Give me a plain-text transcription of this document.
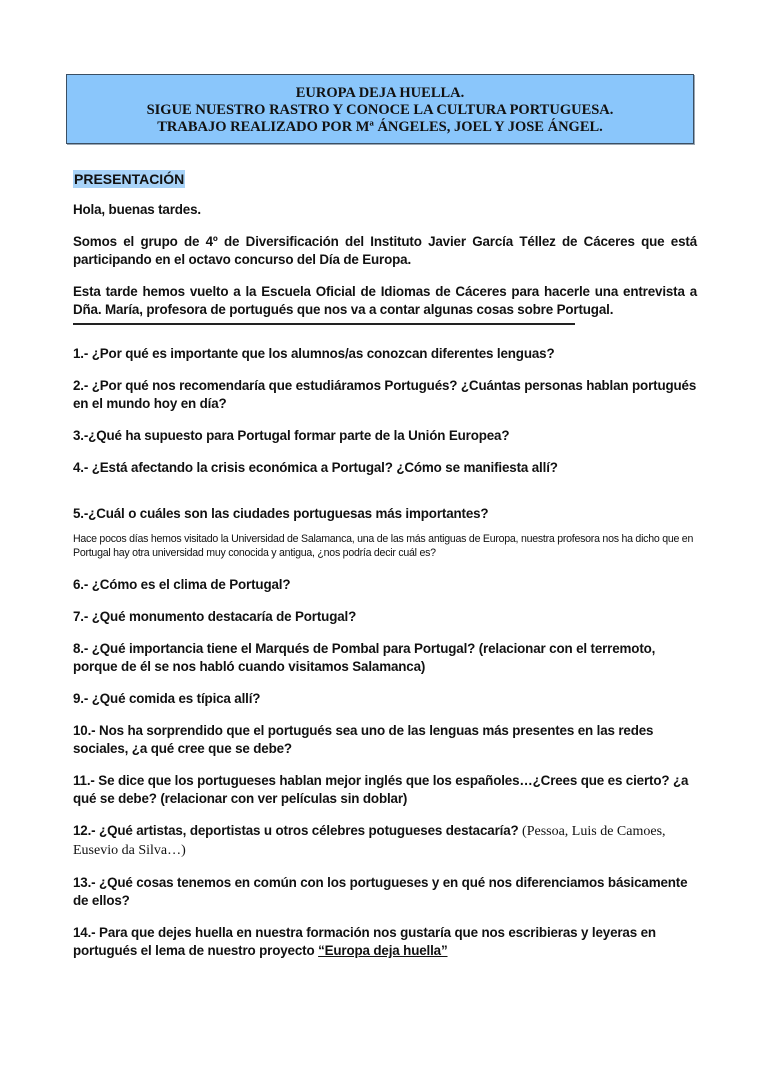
EUROPA DEJA HUELLA.
SIGUE NUESTRO RASTRO Y CONOCE LA CULTURA PORTUGUESA.
TRABAJO REALIZADO POR Mª ÁNGELES, JOEL Y JOSE ÁNGEL.

PRESENTACIÓN

Hola, buenas tardes.

Somos el grupo de 4º de Diversificación del Instituto Javier García Téllez de Cáceres que está participando en el octavo concurso del Día de Europa.

Esta tarde hemos vuelto a la Escuela Oficial de Idiomas de Cáceres para hacerle una entrevista a Dña. María, profesora de portugués que nos va a contar algunas cosas sobre Portugal.

1.- ¿Por qué es importante que los alumnos/as conozcan diferentes lenguas?

2.- ¿Por qué nos recomendaría que estudiáramos Portugués? ¿Cuántas personas hablan portugués en el mundo hoy en día?

3.-¿Qué ha supuesto para Portugal formar parte de la Unión Europea?

4.- ¿Está afectando la crisis económica a Portugal? ¿Cómo se manifiesta allí?

5.-¿Cuál o cuáles son las ciudades portuguesas más importantes?

Hace pocos días hemos visitado la Universidad de Salamanca, una de las más antiguas de Europa, nuestra profesora nos ha dicho que en Portugal hay otra universidad muy conocida y antigua, ¿nos podría decir cuál es?

6.- ¿Cómo es el clima de Portugal?

7.- ¿Qué monumento destacaría de Portugal?

8.- ¿Qué importancia tiene el Marqués de Pombal para Portugal? (relacionar con el terremoto, porque de él se nos habló cuando visitamos Salamanca)

9.- ¿Qué comida es típica allí?

10.- Nos ha sorprendido que el portugués sea uno de las lenguas más presentes en las redes sociales, ¿a qué cree que se debe?

11.- Se dice que los portugueses hablan mejor inglés que los españoles…¿Crees que es cierto? ¿a qué se debe? (relacionar con ver películas sin doblar)

12.- ¿Qué artistas, deportistas u otros célebres potugueses destacaría? (Pessoa, Luis de Camoes, Eusevio da Silva…)

13.- ¿Qué cosas tenemos en común con los portugueses y en qué nos diferenciamos básicamente de ellos?

14.- Para que dejes huella en nuestra formación nos gustaría que nos escribieras y leyeras en portugués el lema de nuestro proyecto “Europa deja huella”
